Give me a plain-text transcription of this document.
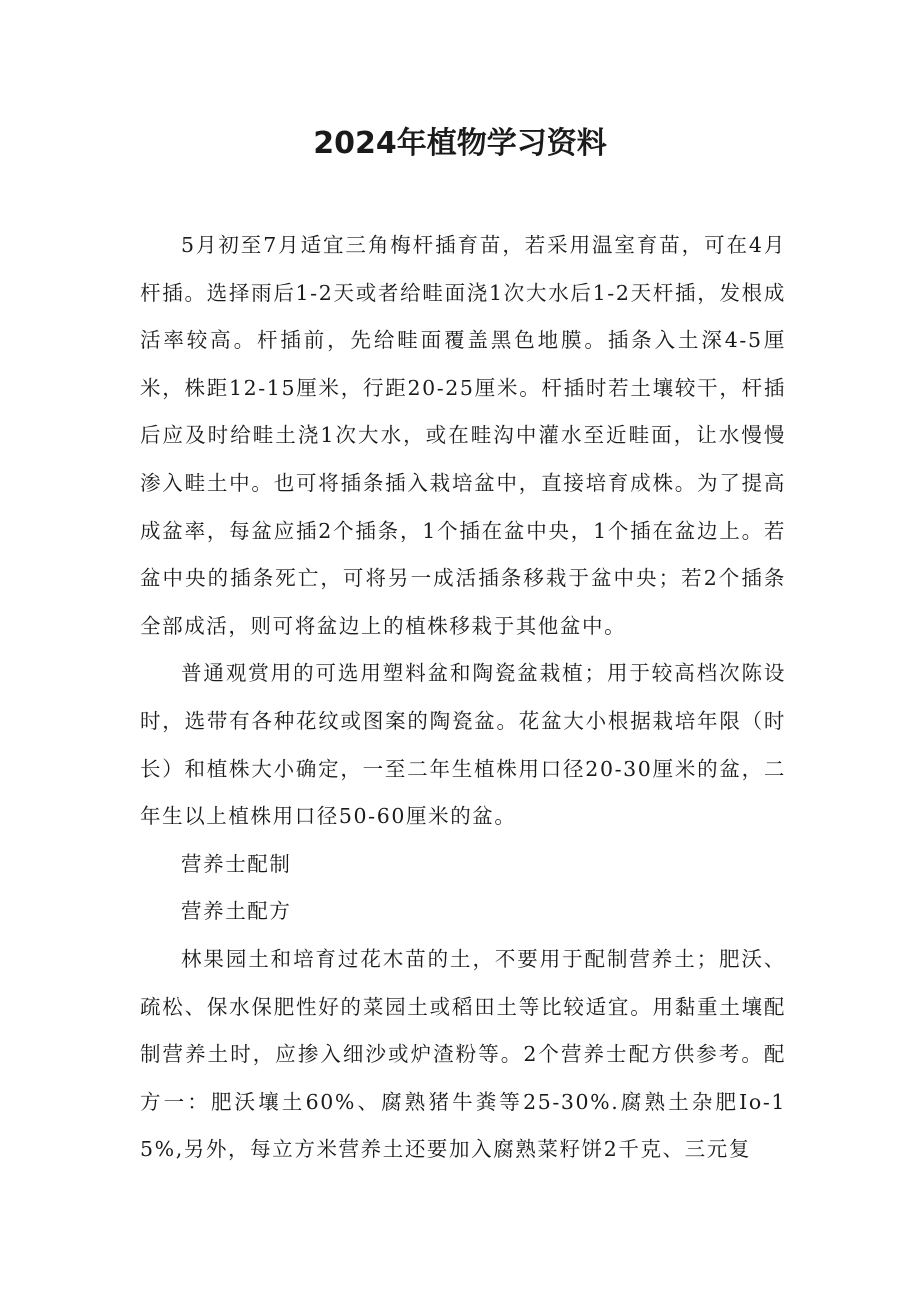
2024年植物学习资料

5月初至7月适宜三角梅杆插育苗，若采用温室育苗，可在4月杆插。选择雨后1-2天或者给畦面浇1次大水后1-2天杆插，发根成活率较高。杆插前，先给畦面覆盖黑色地膜。插条入土深4-5厘米，株距12-15厘米，行距20-25厘米。杆插时若土壤较干，杆插后应及时给畦土浇1次大水，或在畦沟中灌水至近畦面，让水慢慢渗入畦土中。也可将插条插入栽培盆中，直接培育成株。为了提高成盆率，每盆应插2个插条，1个插在盆中央，1个插在盆边上。若盆中央的插条死亡，可将另一成活插条移栽于盆中央；若2个插条全部成活，则可将盆边上的植株移栽于其他盆中。

普通观赏用的可选用塑料盆和陶瓷盆栽植；用于较高档次陈设时，选带有各种花纹或图案的陶瓷盆。花盆大小根据栽培年限（时长）和植株大小确定，一至二年生植株用口径20-30厘米的盆，二年生以上植株用口径50-60厘米的盆。

营养士配制

营养土配方

林果园土和培育过花木苗的土，不要用于配制营养土；肥沃、疏松、保水保肥性好的菜园土或稻田土等比较适宜。用黏重土壤配制营养土时，应掺入细沙或炉渣粉等。2个营养士配方供参考。配方一：肥沃壤土60%、腐熟猪牛粪等25-30%.腐熟土杂肥Io-15%,另外，每立方米营养土还要加入腐熟菜籽饼2千克、三元复
